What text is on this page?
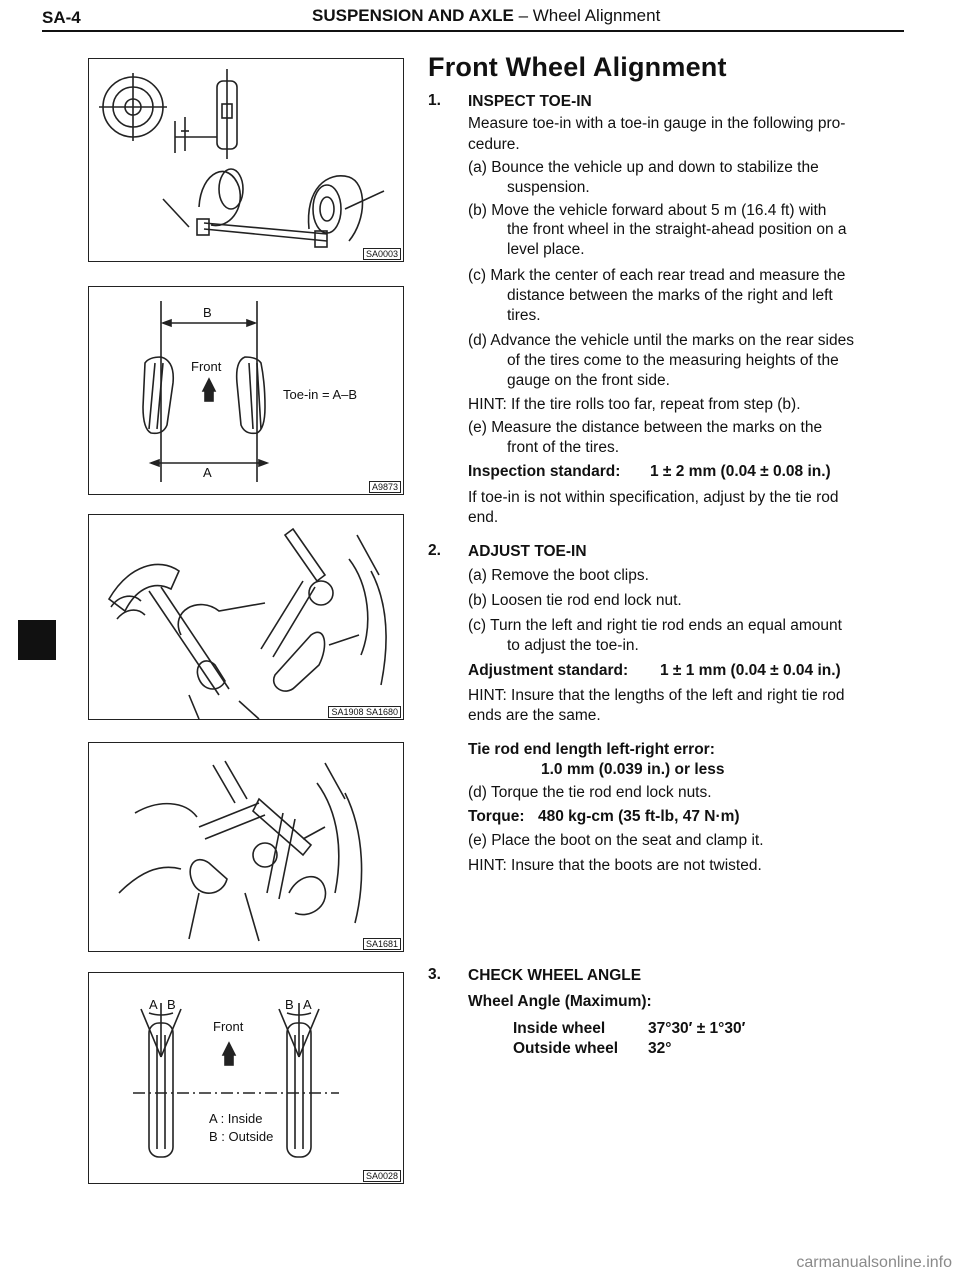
SA-4	SUSPENSION AND AXLE – Wheel Alignment
SA0003
B
A
Front
Toe-in = A–B
A9873
SA1908 SA1680
SA1681
A B	B A
Front
A : Inside
B : Outside
SA0028
Front Wheel Alignment
1. INSPECT TOE-IN
Measure toe-in with a toe-in gauge in the following pro-
cedure.
(a) Bounce the vehicle up and down to stabilize the
suspension.
(b) Move the vehicle forward about 5 m (16.4 ft) with
the front wheel in the straight-ahead position on a
level place.
(c) Mark the center of each rear tread and measure the
distance between the marks of the right and left
tires.
(d) Advance the vehicle until the marks on the rear sides
of the tires come to the measuring heights of the
gauge on the front side.
HINT: If the tire rolls too far, repeat from step (b).
(e) Measure the distance between the marks on the
front of the tires.
Inspection standard: 1 ± 2 mm (0.04 ± 0.08 in.)
If toe-in is not within specification, adjust by the tie rod
end.
2. ADJUST TOE-IN
(a) Remove the boot clips.
(b) Loosen tie rod end lock nut.
(c) Turn the left and right tie rod ends an equal amount
to adjust the toe-in.
Adjustment standard: 1 ± 1 mm (0.04 ± 0.04 in.)
HINT: Insure that the lengths of the left and right tie rod
ends are the same.
Tie rod end length left-right error:
1.0 mm (0.039 in.) or less
(d) Torque the tie rod end lock nuts.
Torque: 480 kg-cm (35 ft-lb, 47 N·m)
(e) Place the boot on the seat and clamp it.
HINT: Insure that the boots are not twisted.
3. CHECK WHEEL ANGLE
Wheel Angle (Maximum):
Inside wheel	37°30′ ± 1°30′
Outside wheel 32°
carmanualsonline.info
